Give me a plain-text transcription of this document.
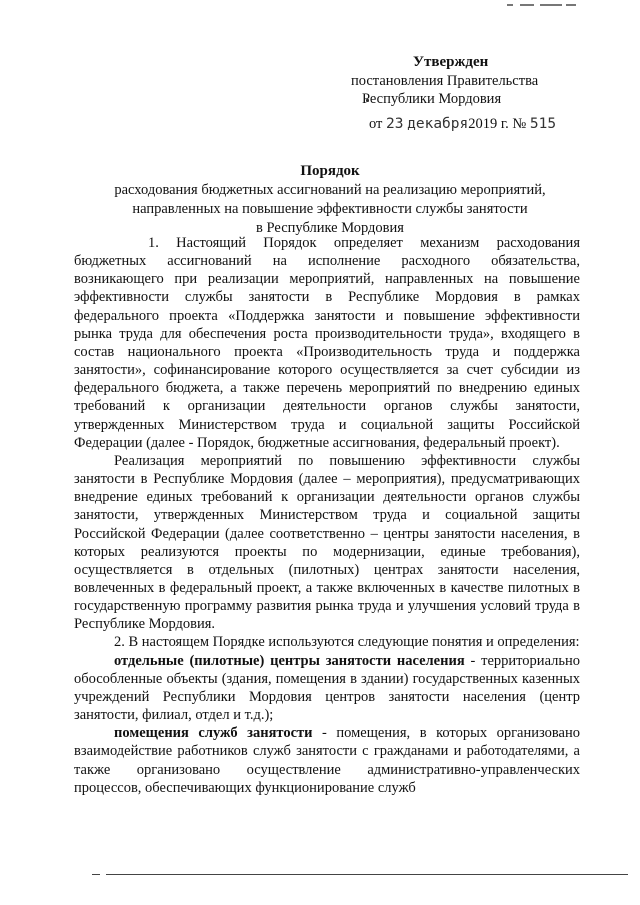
Утвержден
постановления Правительства
Республики Мордовия
от 23 декабря2019 г. № 515
Порядок
расходования бюджетных ассигнований на реализацию мероприятий,
направленных на повышение эффективности службы занятости
в Республике Мордовия

1. Настоящий Порядок определяет механизм расходования бюджетных ассигнований на исполнение расходного обязательства, возникающего при реализации мероприятий, направленных на повышение эффективности службы занятости в Республике Мордовия в рамках федерального проекта «Поддержка занятости и повышение эффективности рынка труда для обеспечения роста производительности труда», входящего в состав национального проекта «Производительность труда и поддержка занятости», софинансирование которого осуществляется за счет субсидии из федерального бюджета, а также перечень мероприятий по внедрению единых требований к организации деятельности органов службы занятости, утвержденных Министерством труда и социальной защиты Российской Федерации (далее - Порядок, бюджетные ассигнования, федеральный проект).

Реализация мероприятий по повышению эффективности службы занятости в Республике Мордовия (далее – мероприятия), предусматривающих внедрение единых требований к организации деятельности органов службы занятости, утвержденных Министерством труда и социальной защиты Российской Федерации (далее соответственно – центры занятости населения, в которых реализуются проекты по модернизации, единые требования), осуществляется в отдельных (пилотных) центрах занятости населения, вовлеченных в федеральный проект, а также включенных в качестве пилотных в государственную программу развития рынка труда и улучшения условий труда в Республике Мордовия.

2. В настоящем Порядке используются следующие понятия и определения:

отдельные (пилотные) центры занятости населения - территориально обособленные объекты (здания, помещения в здании) государственных казенных учреждений Республики Мордовия центров занятости населения (центр занятости, филиал, отдел и т.д.);

помещения служб занятости - помещения, в которых организовано взаимодействие работников служб занятости с гражданами и работодателями, а также организовано осуществление административно-управленческих процессов, обеспечивающих функционирование служб
